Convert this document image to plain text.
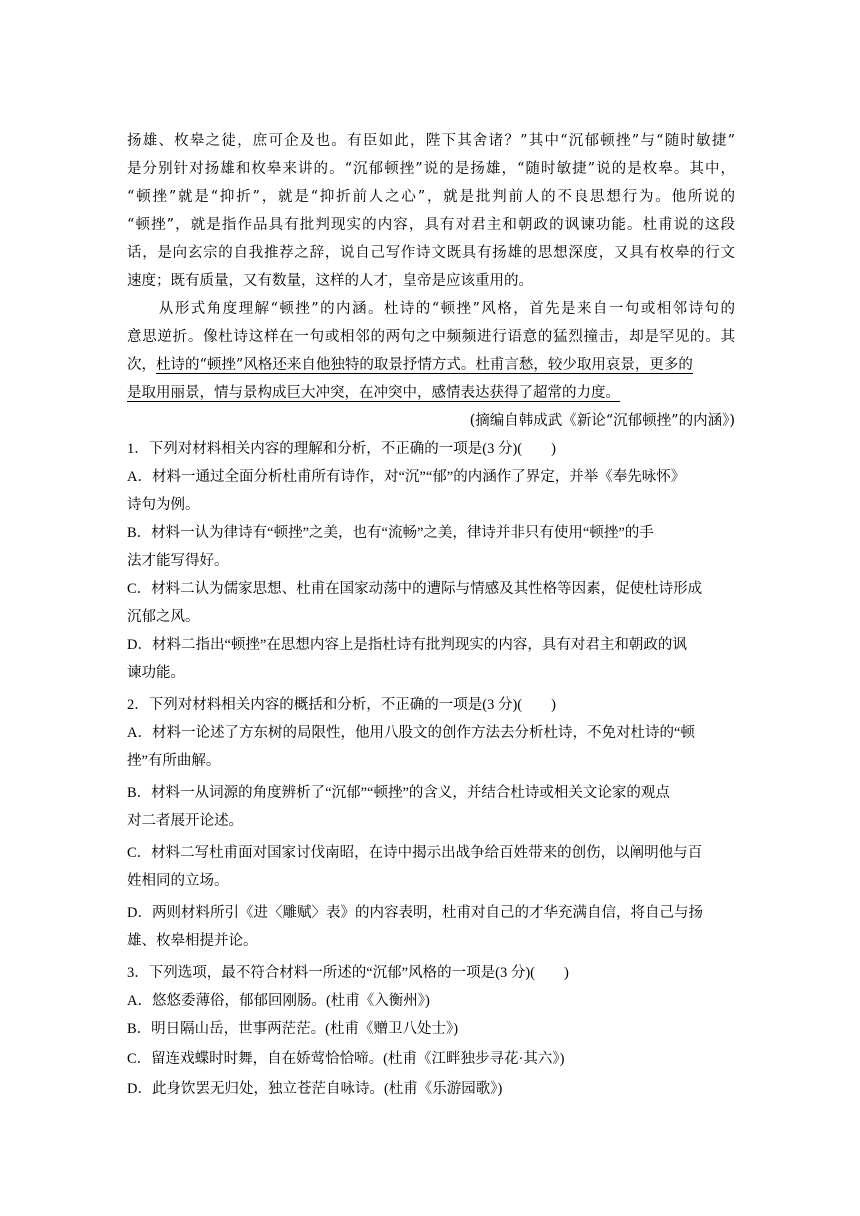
扬雄、枚皋之徒，庶可企及也。有臣如此，陛下其舍诸？”其中“沉郁顿挫”与“随时敏捷”
是分别针对扬雄和枚皋来讲的。“沉郁顿挫”说的是扬雄，“随时敏捷”说的是枚皋。其中，
“顿挫”就是“抑折”，就是“抑折前人之心”，就是批判前人的不良思想行为。他所说的
“顿挫”，就是指作品具有批判现实的内容，具有对君主和朝政的讽谏功能。杜甫说的这段
话，是向玄宗的自我推荐之辞，说自己写作诗文既具有扬雄的思想深度，又具有枚皋的行文
速度；既有质量，又有数量，这样的人才，皇帝是应该重用的。
　　从形式角度理解“顿挫”的内涵。杜诗的“顿挫”风格，首先是来自一句或相邻诗句的
意思逆折。像杜诗这样在一句或相邻的两句之中频频进行语意的猛烈撞击，却是罕见的。其
次，杜诗的“顿挫”风格还来自他独特的取景抒情方式。杜甫言愁，较少取用哀景，更多的
是取用丽景，情与景构成巨大冲突，在冲突中，感情表达获得了超常的力度。
(摘编自韩成武《新论“沉郁顿挫”的内涵》)
1．下列对材料相关内容的理解和分析，不正确的一项是(3 分)(　　)
A．材料一通过全面分析杜甫所有诗作，对“沉”“郁”的内涵作了界定，并举《奉先咏怀》
诗句为例。
B．材料一认为律诗有“顿挫”之美，也有“流畅”之美，律诗并非只有使用“顿挫”的手
法才能写得好。
C．材料二认为儒家思想、杜甫在国家动荡中的遭际与情感及其性格等因素，促使杜诗形成
沉郁之风。
D．材料二指出“顿挫”在思想内容上是指杜诗有批判现实的内容，具有对君主和朝政的讽
谏功能。
2．下列对材料相关内容的概括和分析，不正确的一项是(3 分)(　　)
A．材料一论述了方东树的局限性，他用八股文的创作方法去分析杜诗，不免对杜诗的“顿
挫”有所曲解。
B．材料一从词源的角度辨析了“沉郁”“顿挫”的含义，并结合杜诗或相关文论家的观点
对二者展开论述。
C．材料二写杜甫面对国家讨伐南昭，在诗中揭示出战争给百姓带来的创伤，以阐明他与百
姓相同的立场。
D．两则材料所引《进〈雕赋〉表》的内容表明，杜甫对自己的才华充满自信，将自己与扬
雄、枚皋相提并论。
3．下列选项，最不符合材料一所述的“沉郁”风格的一项是(3 分)(　　)
A．悠悠委薄俗，郁郁回刚肠。(杜甫《入衡州》)
B．明日隔山岳，世事两茫茫。(杜甫《赠卫八处士》)
C．留连戏蝶时时舞，自在娇莺恰恰啼。(杜甫《江畔独步寻花·其六》)
D．此身饮罢无归处，独立苍茫自咏诗。(杜甫《乐游园歌》)
